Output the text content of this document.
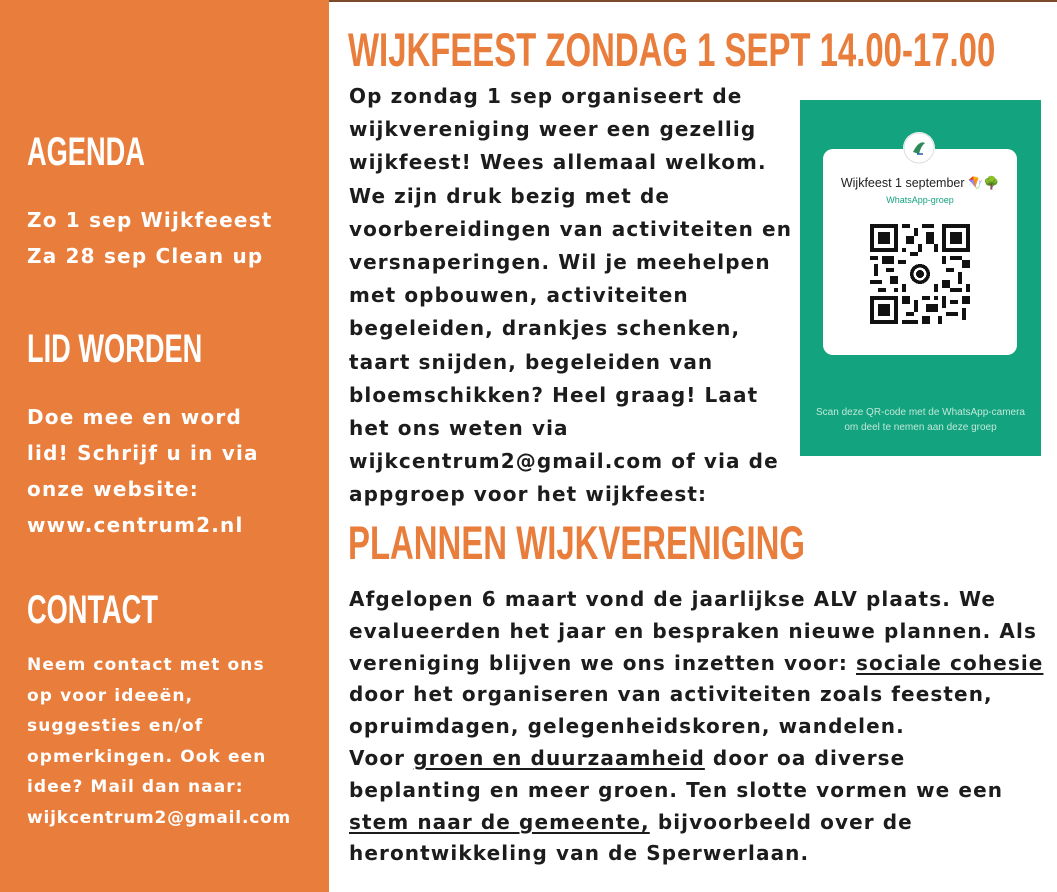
AGENDA
Zo 1 sep Wijkfeeest
Za 28 sep Clean up
LID WORDEN
Doe mee en word
lid! Schrijf u in via
onze website:
www.centrum2.nl
CONTACT
Neem contact met ons
op voor ideeën,
suggesties en/of
opmerkingen. Ook een
idee? Mail dan naar:
wijkcentrum2@gmail.com
WIJKFEEST ZONDAG 1 SEPT 14.00-17.00
Op zondag 1 sep organiseert de
wijkvereniging weer een gezellig
wijkfeest! Wees allemaal welkom.
We zijn druk bezig met de
voorbereidingen van activiteiten en
versnaperingen. Wil je meehelpen
met opbouwen, activiteiten
begeleiden, drankjes schenken,
taart snijden, begeleiden van
bloemschikken? Heel graag! Laat
het ons weten via
wijkcentrum2@gmail.com of via de
appgroep voor het wijkfeest:
Wijkfeest 1 september 🪁🌳
WhatsApp-groep
Scan deze QR-code met de WhatsApp-camera om deel te nemen aan deze groep
PLANNEN WIJKVERENIGING
Afgelopen 6 maart vond de jaarlijkse ALV plaats. We
evalueerden het jaar en bespraken nieuwe plannen. Als
vereniging blijven we ons inzetten voor: sociale cohesie
door het organiseren van activiteiten zoals feesten,
opruimdagen, gelegenheidskoren, wandelen.
Voor groen en duurzaamheid door oa diverse
beplanting en meer groen. Ten slotte vormen we een
stem naar de gemeente, bijvoorbeeld over de
herontwikkeling van de Sperwerlaan.
